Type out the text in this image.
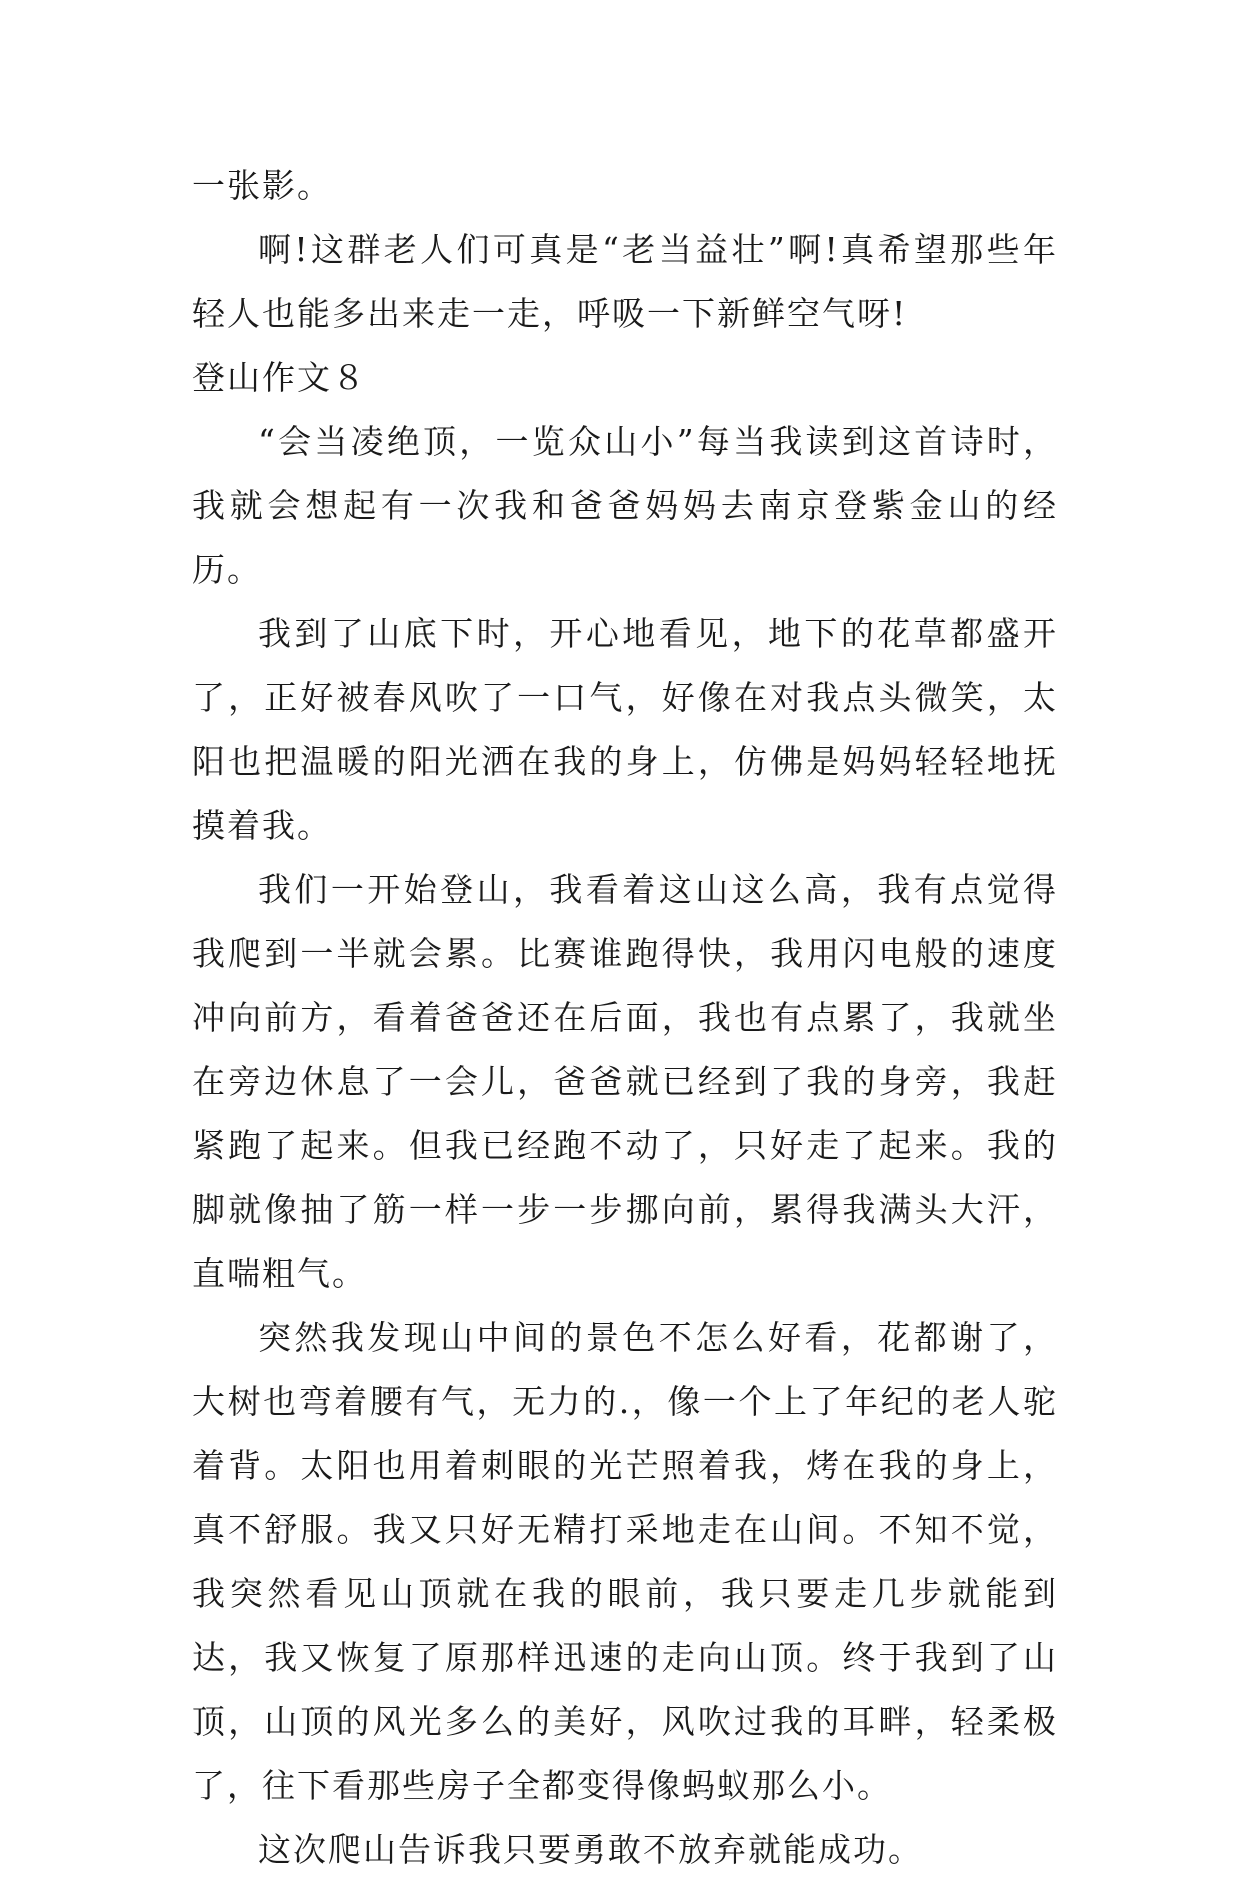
一张影。

啊!这群老人们可真是“老当益壮”啊!真希望那些年轻人也能多出来走一走，呼吸一下新鲜空气呀!

登山作文８

“会当凌绝顶，一览众山小”每当我读到这首诗时，我就会想起有一次我和爸爸妈妈去南京登紫金山的经历。

我到了山底下时，开心地看见，地下的花草都盛开了，正好被春风吹了一口气，好像在对我点头微笑，太阳也把温暖的阳光洒在我的身上，仿佛是妈妈轻轻地抚摸着我。

我们一开始登山，我看着这山这么高，我有点觉得我爬到一半就会累。比赛谁跑得快，我用闪电般的速度冲向前方，看着爸爸还在后面，我也有点累了，我就坐在旁边休息了一会儿，爸爸就已经到了我的身旁，我赶紧跑了起来。但我已经跑不动了，只好走了起来。我的脚就像抽了筋一样一步一步挪向前，累得我满头大汗，直喘粗气。

突然我发现山中间的景色不怎么好看，花都谢了，大树也弯着腰有气，无力的.，像一个上了年纪的老人驼着背。太阳也用着刺眼的光芒照着我，烤在我的身上，真不舒服。我又只好无精打采地走在山间。不知不觉，我突然看见山顶就在我的眼前，我只要走几步就能到达，我又恢复了原那样迅速的走向山顶。终于我到了山顶，山顶的风光多么的美好，风吹过我的耳畔，轻柔极了，往下看那些房子全都变得像蚂蚁那么小。

这次爬山告诉我只要勇敢不放弃就能成功。
